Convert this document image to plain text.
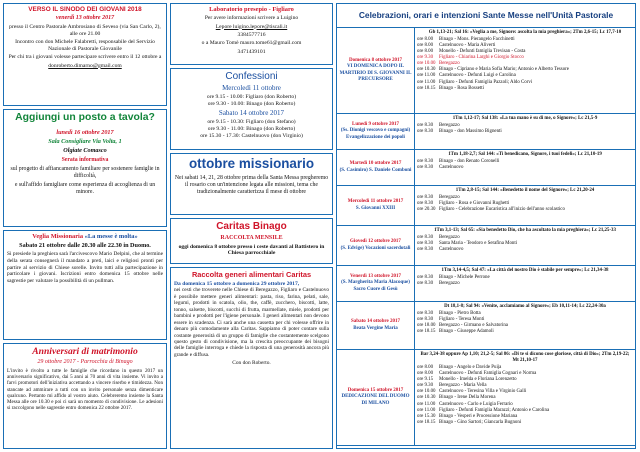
VERSO IL SINODO DEI GIOVANI 2018

venerdì 13 ottobre 2017

presso il Centro Pastorale Ambrosiano di Seveso (via San Carlo, 2), alle ore 21.00

Incontro con don Michele Falabretti, responsabile del Servizio Nazionale di Pastorale Giovanile

Per chi tra i giovani volesse partecipare scrivere entro il 12 ottobre a

donroberto.dimarno@gmail.com

Aggiungi un posto a tavola?

lunedì 16 ottobre 2017

Sala Consigliare Via Volta, 1

Olgiate Comasco

Serata informativa

sul progetto di affiancamento familiare per sostenere famiglie in difficoltà,

e sull'affido famigliare come esperienza di accoglienza di un minore.

Veglia Missionaria «La messe è molta»

Sabato 21 ottobre dalle 20.30 alle 22.30 in Duomo.

Si presiede la preghiera sarà l'arcivescovo Mario Delpini, che al termine della serata consegnerà il mandato a preti, laici e religiosi pronti per partire al servizio di Chiese sorelle. Invito tutti alla partecipazione in particolare i giovani. Iscrizioni entro domenica 15 ottobre nelle sagrestie per valutare la possibilità di un pullman.

Anniversari di matrimonio

29 ottobre 2017 - Parrocchia di Binago

L'invito è rivolto a tutte le famiglie che ricordano in questo 2017 un anniversario significativo, dai 5 anni ai 70 anni di vita insieme. Vi invito a farvi promotori dell'iniziativa accettando a vincere riserbo e timidezza. Non stancate ad ammirare a tutti con un invito personale senza dimenticare qualcuno. Pertanto mi affido al vostro aiuto. Celebreremo insieme la Santa Messa alle ore 10.30 e poi ci sarà un momento di condivisione. Le adesioni si raccolgono nelle sagrestie entro domenica 22 ottobre 2017.

Laboratorio presepio - Figliaro

Per avere informazioni scrivere a Luigino

Lepore luigino.lepore@tiscali.it

3384577716

o a Mauro Tomè mauro.tome61@gmail.com

3471439101

Confessioni

Mercoledì 11 ottobre

ore 9.15 - 10.00: Figliaro (don Roberto)

ore 9.30 - 10.00: Binago (don Roberto)

Sabato 14 ottobre 2017

ore 9.15 - 10.30: Figliaro (don Stefano)

ore 9.30 - 11.00: Binago (don Roberto)

ore 15.30 - 17.30: Castelnuovo (don Virginio)

ottobre missionario

Nei sabati 14, 21, 28 ottobre prima della Santa Messa pregheremo il rosario con un'intenzione legata alle missioni, tema che tradizionalmente caratterizza il mese di ottobre

Caritas Binago

RACCOLTA MENSILE

oggi domenica 8 ottobre presso i ceste davanti al Battistero in Chiesa parrocchiale

Raccolta generi alimentari Caritas

Da domenica 15 ottobre a domenica 29 ottobre 2017,

nei cesti che troverete nelle Chiese di Beregazzo, Figliaro e Castelnuovo è possibile mettere generi alimentari: pasta, riso, farina, pelati, sale, legumi, prodotti in scatola, olio, the, caffè, zucchero, biscotti, latte, tonno, salsette, biscotti, succhi di frutta, marmellate, miele, prodotti per bambini e prodotti per l'igiene personale. I generi alimentari non devono essere in scadenza. Ci sarà anche una cassetta per chi volesse offrire in denaro più comodamente alla Caritas. Sappiamo di poter contare sulla costante generosità di un gruppo di famiglie che costantemente scelgono questo gesto di condivisione, ma la crescita preoccupante dei bisogni delle famiglie interroga e chiede la risposta di una generosità ancora più grande e diffusa.

Con don Roberto.

Celebrazioni, orari e intenzioni Sante Messe nell'Unità Pastorale
Domenica 8 ottobre 2017
VI DOMENICA DOPO IL MARTIRIO DI S. GIOVANNI IL PRECURSORE
Gb 1,13-21; Sal 16: «Veglia a me, Signore: ascolta la mia preghiera»; 2Tm 2,6-15; Lc 17,7-10
ore 8.00	Binago - Mons. Pierangelo Facchinetti
ore 8.00	Castelnuovo - Maria Aliverti
ore 8.00	Monello - Defunti famiglia Trevisan - Costa
ore 9.30	Figliaro - Chiarina Larghi e Giorgio Stocco
ore 10.00 Beregazzo
ore 10.30 Binago - Cipriano e Maria Sofia Mario; Antonio e Alberto Tessore
ore 11.00 Castelnuovo - Defunti Luigi e Carolina
ore 11.00 Figliaro - Defunti Famiglia Pazzoli; Aldo Corvi
ore 18.15 Binago - Rosa Bossetti
Lunedì 9 ottobre 2017
(Ss. Dionigi vescovo e compagni) Evangelizzazione dei popoli
1Tm 1,12-17; Sal 138: «La tua mano è su di me, o Signore»; Lc 21,5-9
ore 8.30	Beregazzo
ore 8.30	Binago - don Massimo Bignenti
Martedì 10 ottobre 2017
(S. Casimiro) S. Daniele Comboni
1Tm 1,18-2,7; Sal 144: «Ti benedicano, Signore, i tuoi fedeli»; Lc 21,10-19
ore 8.30	Binago - don Renato Coronelli
ore 8.30	Castelnuovo
Mercoledì 11 ottobre 2017
S. Giovanni XXIII
1Tm 2,8-15; Sal 144: «Benedetto il nome del Signore»; Lc 21,20-24
ore 8.30	Beregazzo
ore 8.30	Figliaro - Rosa e Giovanni Rughetti
ore 20.30 Figliaro - Celebrazione Eucaristica all'inizio dell'anno scolastico
Giovedì 12 ottobre 2017
(S. Edvige) Vocazioni sacerdotali
1Tm 3,1-13; Sal 65: «Sia benedetto Dio, che ha ascoltato la mia preghiera»; Lc 21,25-33
ore 8.30	Beregazzo
ore 8.30	Santa Maria - Teodoro e Serafina Monti
ore 8.30	Castelnuovo
Venerdì 13 ottobre 2017
(S. Margherita Maria Alacoque) Sacro Cuore di Gesù
1Tm 3,14-4,5; Sal 47: «La città del nostro Dio è stabile per sempre»; Lc 21,34-38
ore 8.30	Binago - Michele Perrone
ore 8.30	Beregazzo
Sabato 14 ottobre 2017
Beata Vergine Maria
Dt 18,1-8; Sal 94: «Venite, acclamiamo al Signore»; Eb 10,11-14; Lc 22,24-30a
ore 8.30	Binago - Pietro Botta
ore 8.30	Figliaro - Teresa Monti
ore 18.00 Beregazzo - Girmano e Salvatorina
ore 18.15 Binago - Giuseppe Adamoli
Domenica 15 ottobre 2017
DEDICAZIONE DEL DUOMO DI MILANO
Bar 3,24-38 oppure Ap 1,10; 21,2-5; Sal 86: «Di te si dicono cose gloriose, città di Dio»; 2Tm 2,19-22; Mt 21,10-17
ore 8.00	Binago - Angelo e Davide Puija
ore 8.00	Castelnuovo - Defunti Famiglia Cognari e Norma
ore 9.15	Monello - Imelda e Floriana Lorenzetto
ore 9.30	Beregazzo - Maria Vella
ore 10.00 Castelnuovo - Teresina Villa e Virginio Galli
ore 10.30 Binago - Irene Della Morena
ore 11.00 Castelnuovo - Carlo e Luigia Ferrario
ore 11.00 Figliaro - Defunti Famiglia Marazzi; Antonio e Carolina
ore 15.30 Binago - Vesperi e Processione Mariana
ore 18.15 Binago - Gino Sartori; Giancarla Bugnoni
